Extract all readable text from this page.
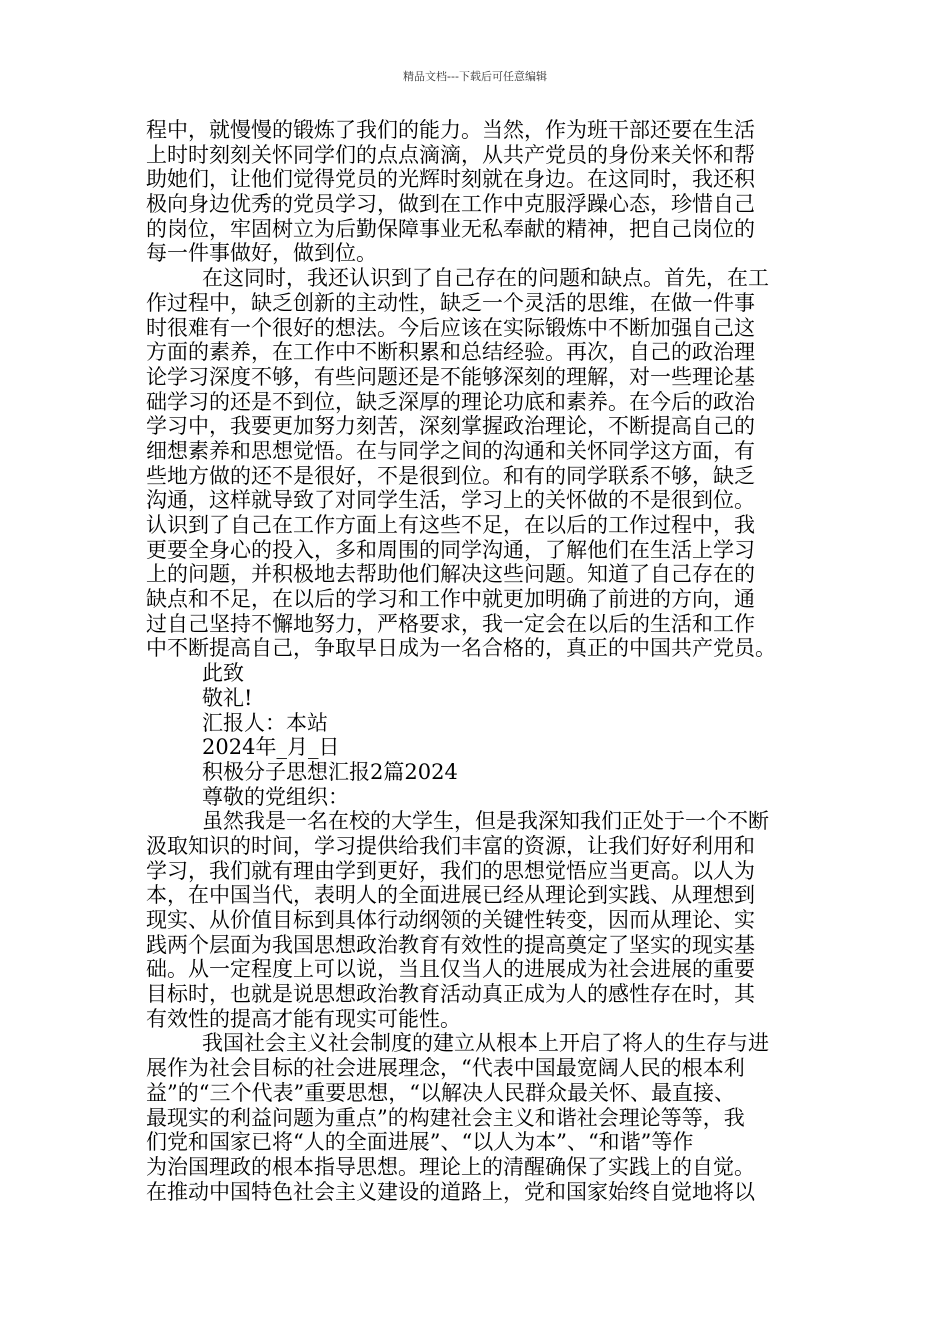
精品文档---下载后可任意编辑
程中，就慢慢的锻炼了我们的能力。当然，作为班干部还要在生活
上时时刻刻关怀同学们的点点滴滴，从共产党员的身份来关怀和帮
助她们，让他们觉得党员的光辉时刻就在身边。在这同时，我还积
极向身边优秀的党员学习，做到在工作中克服浮躁心态，珍惜自己
的岗位，牢固树立为后勤保障事业无私奉献的精神，把自己岗位的
每一件事做好，做到位。
在这同时，我还认识到了自己存在的问题和缺点。首先，在工
作过程中，缺乏创新的主动性，缺乏一个灵活的思维，在做一件事
时很难有一个很好的想法。今后应该在实际锻炼中不断加强自己这
方面的素养，在工作中不断积累和总结经验。再次，自己的政治理
论学习深度不够，有些问题还是不能够深刻的理解，对一些理论基
础学习的还是不到位，缺乏深厚的理论功底和素养。在今后的政治
学习中，我要更加努力刻苦，深刻掌握政治理论，不断提高自己的
细想素养和思想觉悟。在与同学之间的沟通和关怀同学这方面，有
些地方做的还不是很好，不是很到位。和有的同学联系不够，缺乏
沟通，这样就导致了对同学生活，学习上的关怀做的不是很到位。
认识到了自己在工作方面上有这些不足，在以后的工作过程中，我
更要全身心的投入，多和周围的同学沟通，了解他们在生活上学习
上的问题，并积极地去帮助他们解决这些问题。知道了自己存在的
缺点和不足，在以后的学习和工作中就更加明确了前进的方向，通
过自己坚持不懈地努力，严格要求，我一定会在以后的生活和工作
中不断提高自己，争取早日成为一名合格的，真正的中国共产党员。
此致
敬礼!
汇报人：本站
2024年_月_日
积极分子思想汇报2篇2024
尊敬的党组织：
虽然我是一名在校的大学生，但是我深知我们正处于一个不断
汲取知识的时间，学习提供给我们丰富的资源，让我们好好利用和
学习，我们就有理由学到更好，我们的思想觉悟应当更高。以人为
本，在中国当代，表明人的全面进展已经从理论到实践、从理想到
现实、从价值目标到具体行动纲领的关键性转变，因而从理论、实
践两个层面为我国思想政治教育有效性的提高奠定了坚实的现实基
础。从一定程度上可以说，当且仅当人的进展成为社会进展的重要
目标时，也就是说思想政治教育活动真正成为人的感性存在时，其
有效性的提高才能有现实可能性。
我国社会主义社会制度的建立从根本上开启了将人的生存与进
展作为社会目标的社会进展理念，“代表中国最宽阔人民的根本利
益”的“三个代表”重要思想，“以解决人民群众最关怀、最直接、
最现实的利益问题为重点”的构建社会主义和谐社会理论等等，我
们党和国家已将“人的全面进展”、“以人为本”、“和谐”等作
为治国理政的根本指导思想。理论上的清醒确保了实践上的自觉。
在推动中国特色社会主义建设的道路上，党和国家始终自觉地将以
